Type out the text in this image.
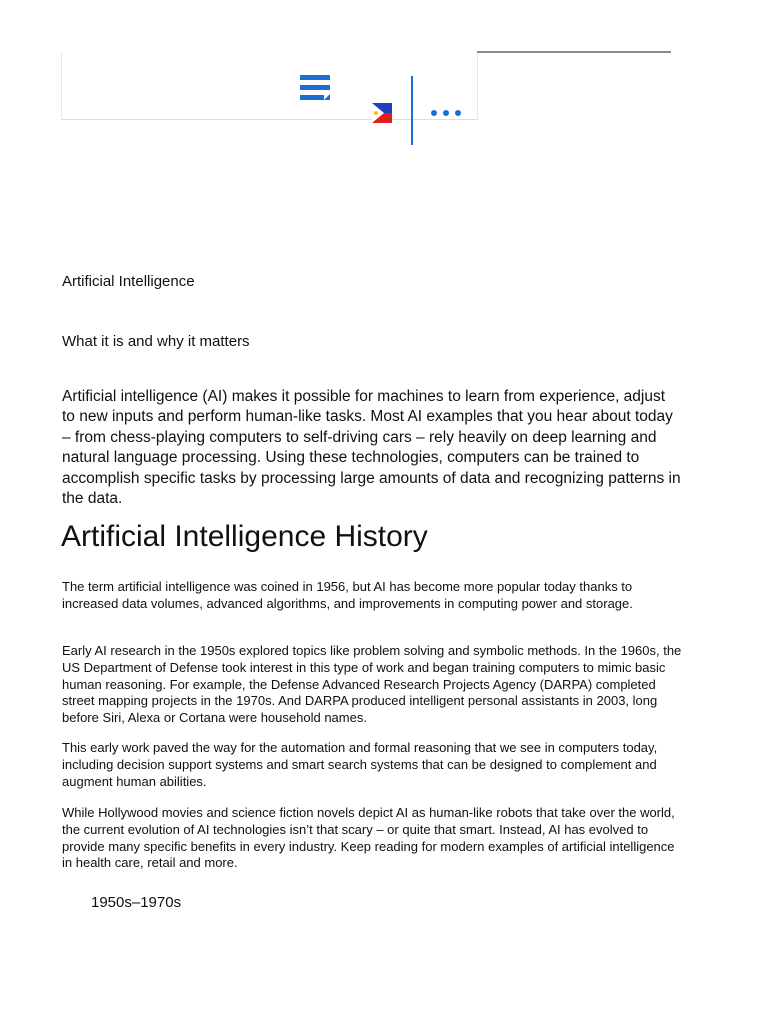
Artificial Intelligence
What it is and why it matters
Artificial intelligence (AI) makes it possible for machines to learn from experience, adjust to new inputs and perform human-like tasks. Most AI examples that you hear about today – from chess-playing computers to self-driving cars – rely heavily on deep learning and natural language processing. Using these technologies, computers can be trained to accomplish specific tasks by processing large amounts of data and recognizing patterns in the data.
Artificial Intelligence History

The term artificial intelligence was coined in 1956, but AI has become more popular today thanks to increased data volumes, advanced algorithms, and improvements in computing power and storage.

Early AI research in the 1950s explored topics like problem solving and symbolic methods. In the 1960s, the US Department of Defense took interest in this type of work and began training computers to mimic basic human reasoning. For example, the Defense Advanced Research Projects Agency (DARPA) completed street mapping projects in the 1970s. And DARPA produced intelligent personal assistants in 2003, long before Siri, Alexa or Cortana were household names.

This early work paved the way for the automation and formal reasoning that we see in computers today, including decision support systems and smart search systems that can be designed to complement and augment human abilities.

While Hollywood movies and science fiction novels depict AI as human-like robots that take over the world, the current evolution of AI technologies isn’t that scary – or quite that smart. Instead, AI has evolved to provide many specific benefits in every industry. Keep reading for modern examples of artificial intelligence in health care, retail and more.

1950s–1970s
